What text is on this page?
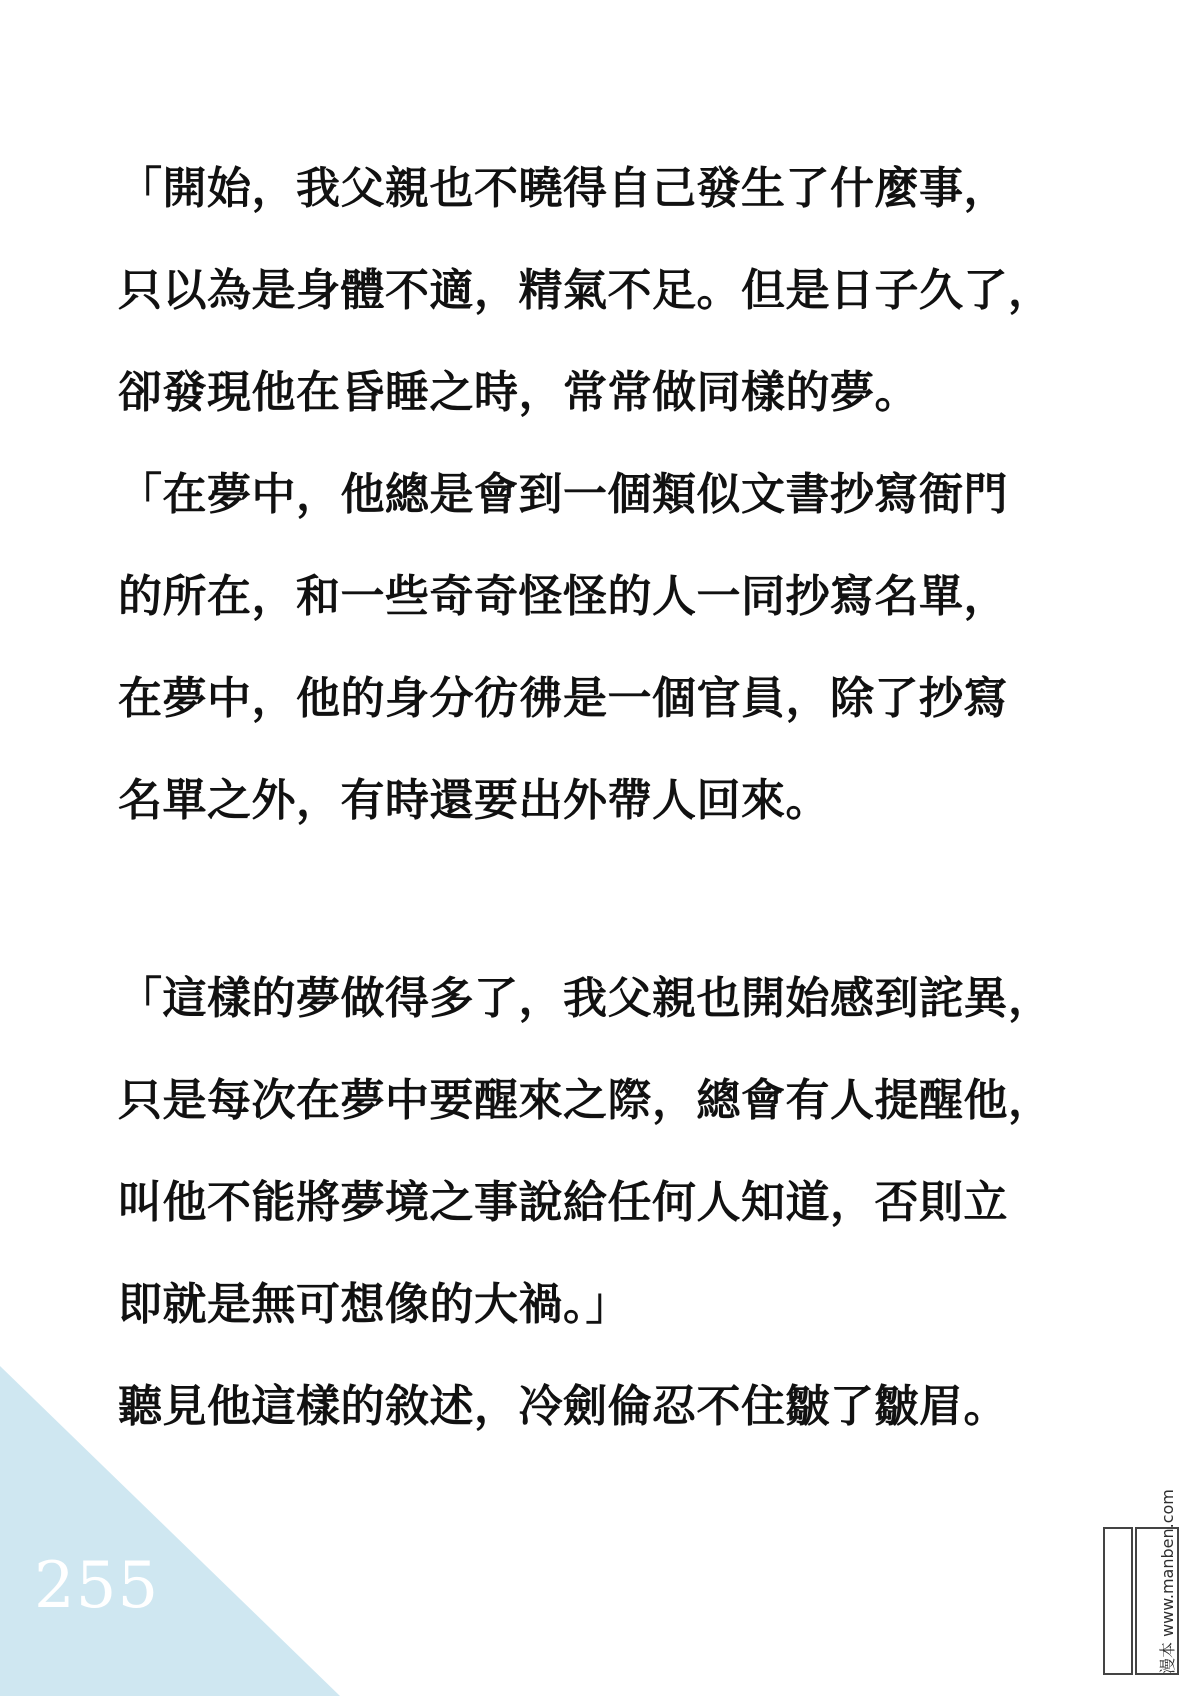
「開始，我父親也不曉得自己發生了什麼事，
只以為是身體不適，精氣不足。但是日子久了，
卻發現他在昏睡之時，常常做同樣的夢。
「在夢中，他總是會到一個類似文書抄寫衙門
的所在，和一些奇奇怪怪的人一同抄寫名單，
在夢中，他的身分彷彿是一個官員，除了抄寫
名單之外，有時還要出外帶人回來。
「這樣的夢做得多了，我父親也開始感到詫異，
只是每次在夢中要醒來之際，總會有人提醒他，
叫他不能將夢境之事說給任何人知道，否則立
即就是無可想像的大禍。」
聽見他這樣的敘述，冷劍倫忍不住皺了皺眉。
255	漫本 www.manben.com
